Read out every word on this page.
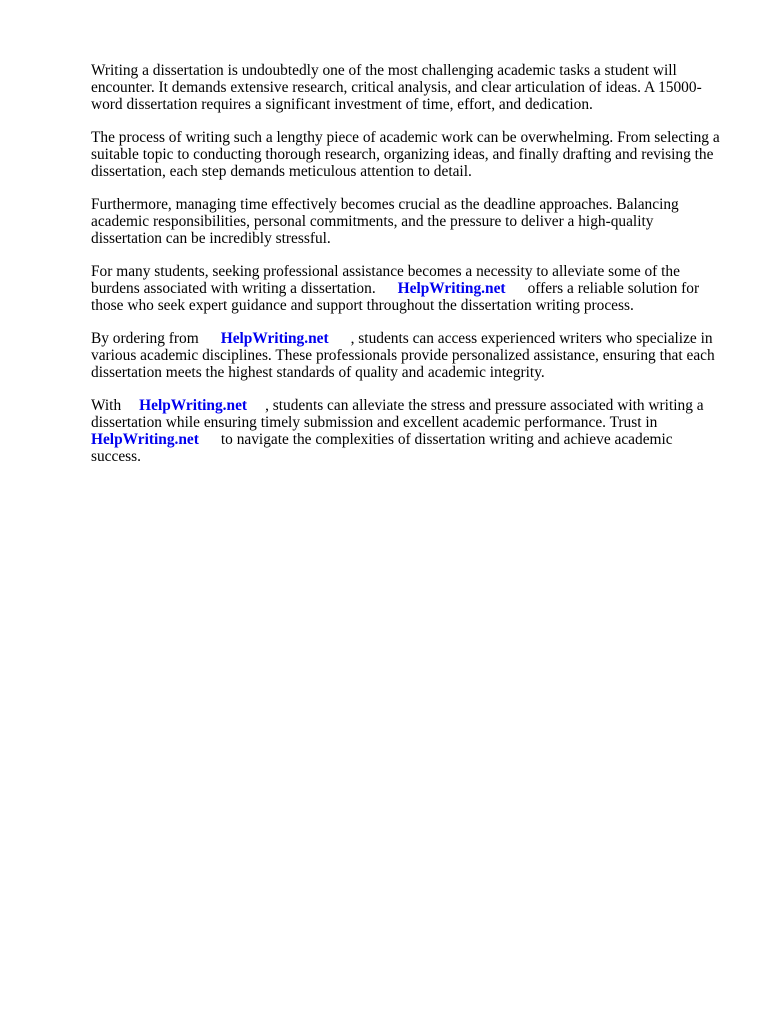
Writing a dissertation is undoubtedly one of the most challenging academic tasks a student will encounter. It demands extensive research, critical analysis, and clear articulation of ideas. A 15000-word dissertation requires a significant investment of time, effort, and dedication.

The process of writing such a lengthy piece of academic work can be overwhelming. From selecting a suitable topic to conducting thorough research, organizing ideas, and finally drafting and revising the dissertation, each step demands meticulous attention to detail.

Furthermore, managing time effectively becomes crucial as the deadline approaches. Balancing academic responsibilities, personal commitments, and the pressure to deliver a high-quality dissertation can be incredibly stressful.

For many students, seeking professional assistance becomes a necessity to alleviate some of the burdens associated with writing a dissertation. HelpWriting.net offers a reliable solution for those who seek expert guidance and support throughout the dissertation writing process.

By ordering from HelpWriting.net , students can access experienced writers who specialize in various academic disciplines. These professionals provide personalized assistance, ensuring that each dissertation meets the highest standards of quality and academic integrity.

With HelpWriting.net , students can alleviate the stress and pressure associated with writing a dissertation while ensuring timely submission and excellent academic performance. Trust in HelpWriting.net to navigate the complexities of dissertation writing and achieve academic success.
